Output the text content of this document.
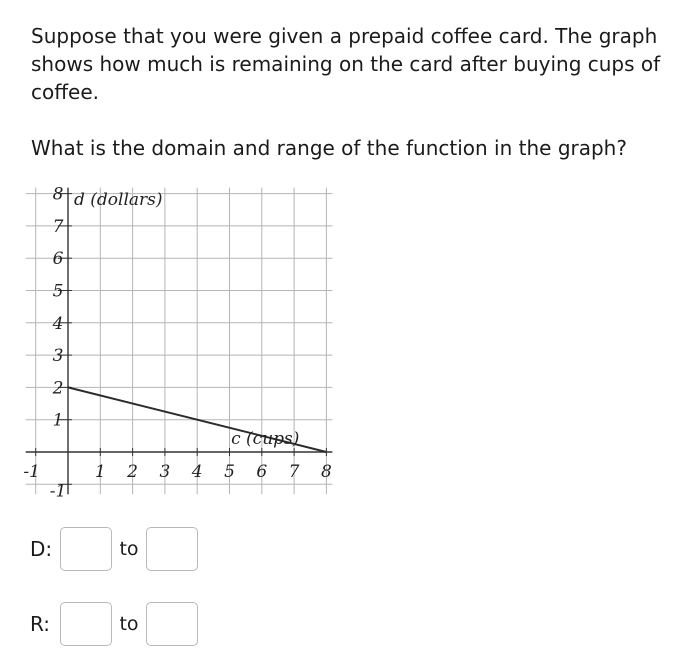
Suppose that you were given a prepaid coffee card. The graph shows how much is remaining on the card after buying cups of coffee.

What is the domain and range of the function in the graph?

-1	1 2 3 4 5 6 7 8
-1
1
2
3
4
5
6
7
8 d (dollars)
c (cups)
D:	to
R:	to
